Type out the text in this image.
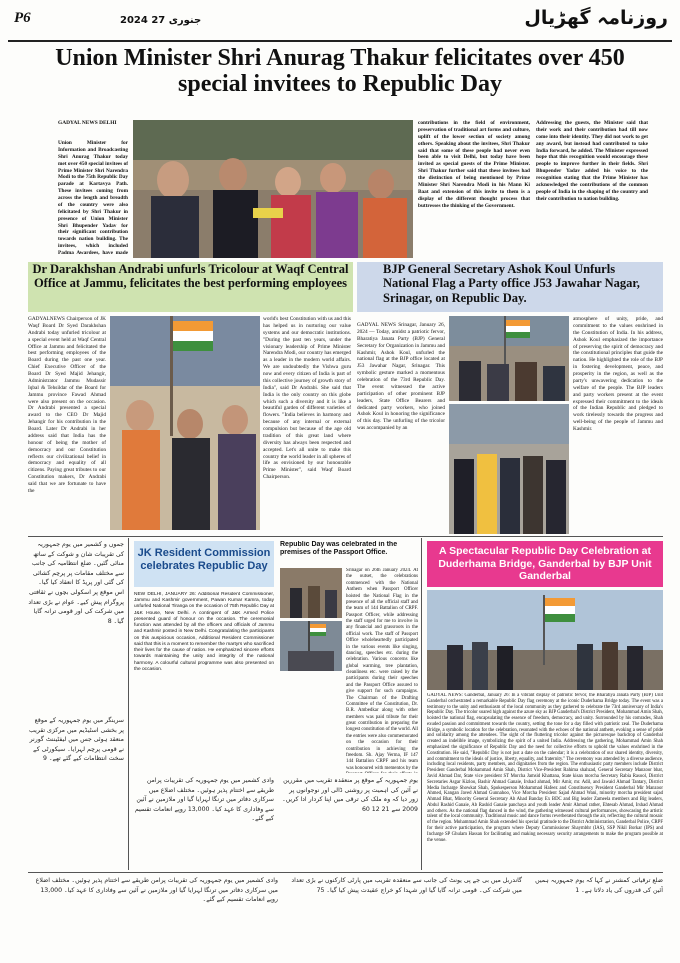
P6	2024 جنوری 27	روزنامہ گھڑیال
Union Minister Shri Anurag Thakur felicitates over 450 special invitees to Republic Day
GADYAL NEWS DELHI
Union Minister for Information and Broadcasting Shri Anurag Thakur today met over 450 special invitees of Prime Minister Shri Narendra Modi to the 75th Republic Day parade at Kartavya Path. These invitees coming from across the length and breadth of the country were also felicitated by Shri Thakur in presence of Union Minister Shri Bhupender Yadav for their significant contribution towards nation building. The invitees, which included Padma Awardees, have made
contributions in the field of environment, preservation of traditional art forms and culture, uplift of the lower section of society among others. Speaking about the invitees, Shri Thakur said that some of these people had never even been able to visit Delhi, but today have been invited as special guests of the Prime Minister. Shri Thakur further said that these invitees had the distinction of being mentioned by Prime Minister Shri Narendra Modi in his Mann Ki Baat and extension of this invite to them is a display of the different thought process that buttresses the thinking of the Government.
Addressing the guests, the Minister said that their work and their contribution had till now come into their identity. They did not work to get any award, but instead had contributed to take India forward, he added. The Minister expressed hope that this recognition would encourage these people to improve further in their fields. Shri Bhupender Yadav added his voice to the recognition stating that the Prime Minister has acknowledged the contributions of the common people of India in the shaping of the country and their contribution to nation building.
Dr Darakhshan Andrabi unfurls Tricolour at Waqf Central Office at Jammu, felicitates the best performing employees
BJP General Secretary Ashok Koul Unfurls National Flag a Party office J53 Jawahar Nagar, Srinagar, on Republic Day.
GADYALNEWS Chairperson of JK Waqf Board Dr Syed Darakhshan Andrabi today unfurled tricolour at a special event held at Waqf Central Office at Jammu and felicitated the best performing employees of the Board during the past one year. Chief Executive Officer of the Board Dr Syed Majid Jehangir, Administrator Jammu Mudassir Iqbal & Tehsildar of the Board for Jammu province Fawad Ahmad were also present on the occasion. Dr Andrabi presented a special award to the CEO Dr Majid Jehangir for his contribution in the Board. Later Dr Andrabi in her address said that India has the honour of being the mother of democracy and our Constitution reflects our civilizational belief in democracy and equality of all citizens. Paying great tributes to our Constitution makers, Dr Andrabi said that we are fortunate to have the
world's best Constitution with us and this has helped us in nurturing our value systems and our democratic institutions. "During the past ten years, under the visionary leadership of Prime Minister Narendra Modi, our country has emerged as a leader in the modern world affairs. We are undoubtedly the Vishwa guru now and every citizen of India is part of this collective journey of growth story of India", said Dr Andrabi. She said that India is the only country on this globe which such a diversity and it is like a beautiful garden of different varieties of flowers. "India believes in harmony and because of any internal or external compulsion but because of the age old tradition of this great land where diversity has always been respected and accepted. Let's all unite to make this country the world leader in all spheres of life as envisioned by our honourable Prime Minister", said Waqf Board Chairperson.
GADYAL NEWS Srinagar, January 26, 2024 — Today, amidst a patriotic fervor, Bharatiya Janata Party (BJP) General Secretary for Organization in Jammu and Kashmir, Ashok Koul, unfurled the national flag at the BJP office located at J53 Jawahar Nagar, Srinagar. This symbolic gesture marked a momentous celebration of the 73rd Republic Day. The event witnessed the active participation of other prominent BJP leaders, State Office Bearers and dedicated party workers, who joined Ashok Koul in honoring the significance of this day. The unfurling of the tricolor was accompanied by an
atmosphere of unity, pride, and commitment to the values enshrined in the Constitution of India. In his address, Ashok Koul emphasized the importance of preserving the spirit of democracy and the constitutional principles that guide the nation. He highlighted the role of the BJP in fostering development, peace, and prosperity in the region, as well as the party's unwavering dedication to the welfare of the people. The BJP leaders and party workers present at the event expressed their commitment to the ideals of the Indian Republic and pledged to work tirelessly towards the progress and well-being of the people of Jammu and Kashmir.
جموں و کشمیر میں یوم جمہوریہ کی تقریبات شان و شوکت کے ساتھ منائی گئیں۔ ضلع انتظامیہ کی جانب سے مختلف مقامات پر پرچم کشائی کی گئی اور پریڈ کا انعقاد کیا گیا۔ اس موقع پر اسکولی بچوں نے ثقافتی پروگرام پیش کیے۔ عوام نے بڑی تعداد میں شرکت کی اور قومی ترانہ گایا گیا۔ 8
سرینگر میں یوم جمہوریہ کے موقع پر بخشی اسٹیڈیم میں مرکزی تقریب منعقد ہوئی جس میں لیفٹیننٹ گورنر نے قومی پرچم لہرایا۔ سیکورٹی کے سخت انتظامات کیے گئے تھے۔ 9
JK Resident Commission celebrates Republic Day
NEW DELHI, JANUARY 26: Additional Resident Commissioner, Jammu and Kashmir government, Pawan Kumar Kamra, today unfurled National Tiranga on the occasion of 75th Republic Day at J&K House, New Delhi. A contingent of J&K Armed Police presented guard of honour on the occasion. The ceremonial function was attended by all the officers and officials of Jammu and Kashmir posted in New Delhi. Congratulating the participants on this auspicious occasion, Additional Resident Commissioner said that this is a moment to remember the martyrs who sacrificed their lives for the cause of nation. He emphasized sincere efforts towards maintaining the unity and integrity of the national harmony. A colourful cultural programme was also presented on the occasion.
وادی کشمیر میں یوم جمہوریہ کی تقریبات پرامن طریقے سے اختتام پذیر ہوئیں۔ مختلف اضلاع میں سرکاری دفاتر میں ترنگا لہرایا گیا اور ملازمین نے آئین سے وفاداری کا عہد کیا۔ 13,000 روپے انعامات تقسیم کیے گئے۔
Republic Day was celebrated in the premises of the Passport Office.
Srinagar on 26th January 2024. At the outset, the celebrations commenced with the National Anthem when Passport Officer hoisted the National Flag in the presence of all the official staff and the team of 144 Battalion of CRPF. Passport Officer, while addressing the staff urged for me to involve in any financial and grassroots in the official work. The staff of Passport Office wholeheartedly participated in the various events like singing, dancing, speeches etc. during the celebration. Various concerns like global warming, tree plantation, cleanliness etc. were raised by the participants during their speeches and the Passport Office assured to give support for such campaigns. The Chairman of the Drafting Committee of the Constitution, Dr. B.R. Ambedkar along with other members was paid tribute for their great contribution in preparing the longest constitution of the world. All the entries were also commemorated on the occasion for their contribution in achieving the freedom. Sh. Ajay Verma, IF 147 144 Battalion CRPF and his team was honoured with mementos by the
یوم جمہوریہ کے موقع پر منعقدہ تقریب میں مقررین نے آئین کی اہمیت پر روشنی ڈالی اور نوجوانوں پر زور دیا کہ وہ ملک کی ترقی میں اپنا کردار ادا کریں۔ 2009 سے 21 12 60
A Spectacular Republic Day Celebration at Duderhama Bridge, Ganderbal by BJP Unit Ganderbal
GADYAL NEWS: Ganderbal, January 26: In a vibrant display of patriotic fervor, the Bharatiya Janata Party (BJP) Unit Ganderbal orchestrated a remarkable Republic Day flag ceremony at the iconic Duderhama Bridge today. The event was a testimony to the unity and enthusiasm of the local community as they gathered to celebrate the 73rd anniversary of India's Republic Day. The tricolor soared high against the azure sky as BJP Ganderbal's District President, Mohammad Amin Shah, hoisted the national flag, encapsulating the essence of freedom, democracy, and unity. Surrounded by his comrades, Shah exuded passion and commitment towards the country, setting the tone for a day filled with patriotic zeal. The Duderhama Bridge, a symbolic location for the celebration, resonated with the echoes of the national anthem, evoking a sense of pride and solidarity among the attendees. The sight of the fluttering tricolor against the picturesque backdrop of Ganderbal created an indelible image, symbolizing the spirit of a united India. Addressing the gathering, Mohammad Amin Shah emphasized the significance of Republic Day and the need for collective efforts to uphold the values enshrined in the Constitution. He said, "Republic Day is not just a date on the calendar; it is a celebration of our shared identity, diversity, and commitment to the ideals of justice, liberty, equality, and fraternity." The ceremony was attended by a diverse audience, including local residents, party members, and dignitaries from the region. The enthusiastic party members include District President Ganderbal Mohammad Amin Shah, District Vice-President Rahima shahzad, General Secretary Manzoor bhat, Javid Ahmad Dar, State vice president ST Morcha Jamsid Khattana, State kisan morcha Secretary Rabia Rasool, District Secretaries Asgar Kizloo, Bashir Ahmad Ganaie, Irshad ahmad, Mir Amir, mr. Adil, and Jawaid Ahmad Tantary, District Media Incharge Showkat Shah, Spokesperson Mohammad Hafeez and Constituency President Ganderbal Mir Manzoor Ahmed, Kangan Javed Ahmad Gunnahoo, Vice Morcha President Sajad Ahmad Wani, minority morcha president sajad Ahmad Bhat, Minority General Secretary Ab Ahad Banday Ex BDC and Big leader Zameela members and Big leaders, Abdul Rashid Ganaie, Ab Rashid Ganaie panchaya and youth leader Amir Ahmad rather, Ehtesab Ahmad, Irshad Ahmad and others. As the national flag danced in the wind, the gathering witnessed cultural performances, showcasing the artistic talent of the local community. Traditional music and dance forms reverberated through the air, reflecting the cultural mosaic of the region. Mohammad Amin Shah extended his special gratitude to the District Administration, Ganderbal Police, CRPF for their active participation, the program where Deputy Commissioner Shaymbhr (IAS), SSP Nikil Borkar (IPS) and Incharge SP Ghulam Hassan for facilitating and making necessary security arrangements to make the program possible at the venue.
وادی کشمیر میں یوم جمہوریہ کی تقریبات پرامن طریقے سے اختتام پذیر ہوئیں۔ مختلف اضلاع میں سرکاری دفاتر میں ترنگا لہرایا گیا اور ملازمین نے آئین سے وفاداری کا عہد کیا۔ 13,000 روپے انعامات تقسیم کیے گئے۔
گاندربل میں بی جے پی یونٹ کی جانب سے منعقدہ تقریب میں پارٹی کارکنوں نے بڑی تعداد میں شرکت کی۔ قومی ترانہ گایا گیا اور شہدا کو خراج عقیدت پیش کیا گیا۔ 75
ضلع ترقیاتی کمشنر نے کہا کہ یوم جمہوریہ ہمیں آئین کی قدروں کی یاد دلاتا ہے۔ 1
